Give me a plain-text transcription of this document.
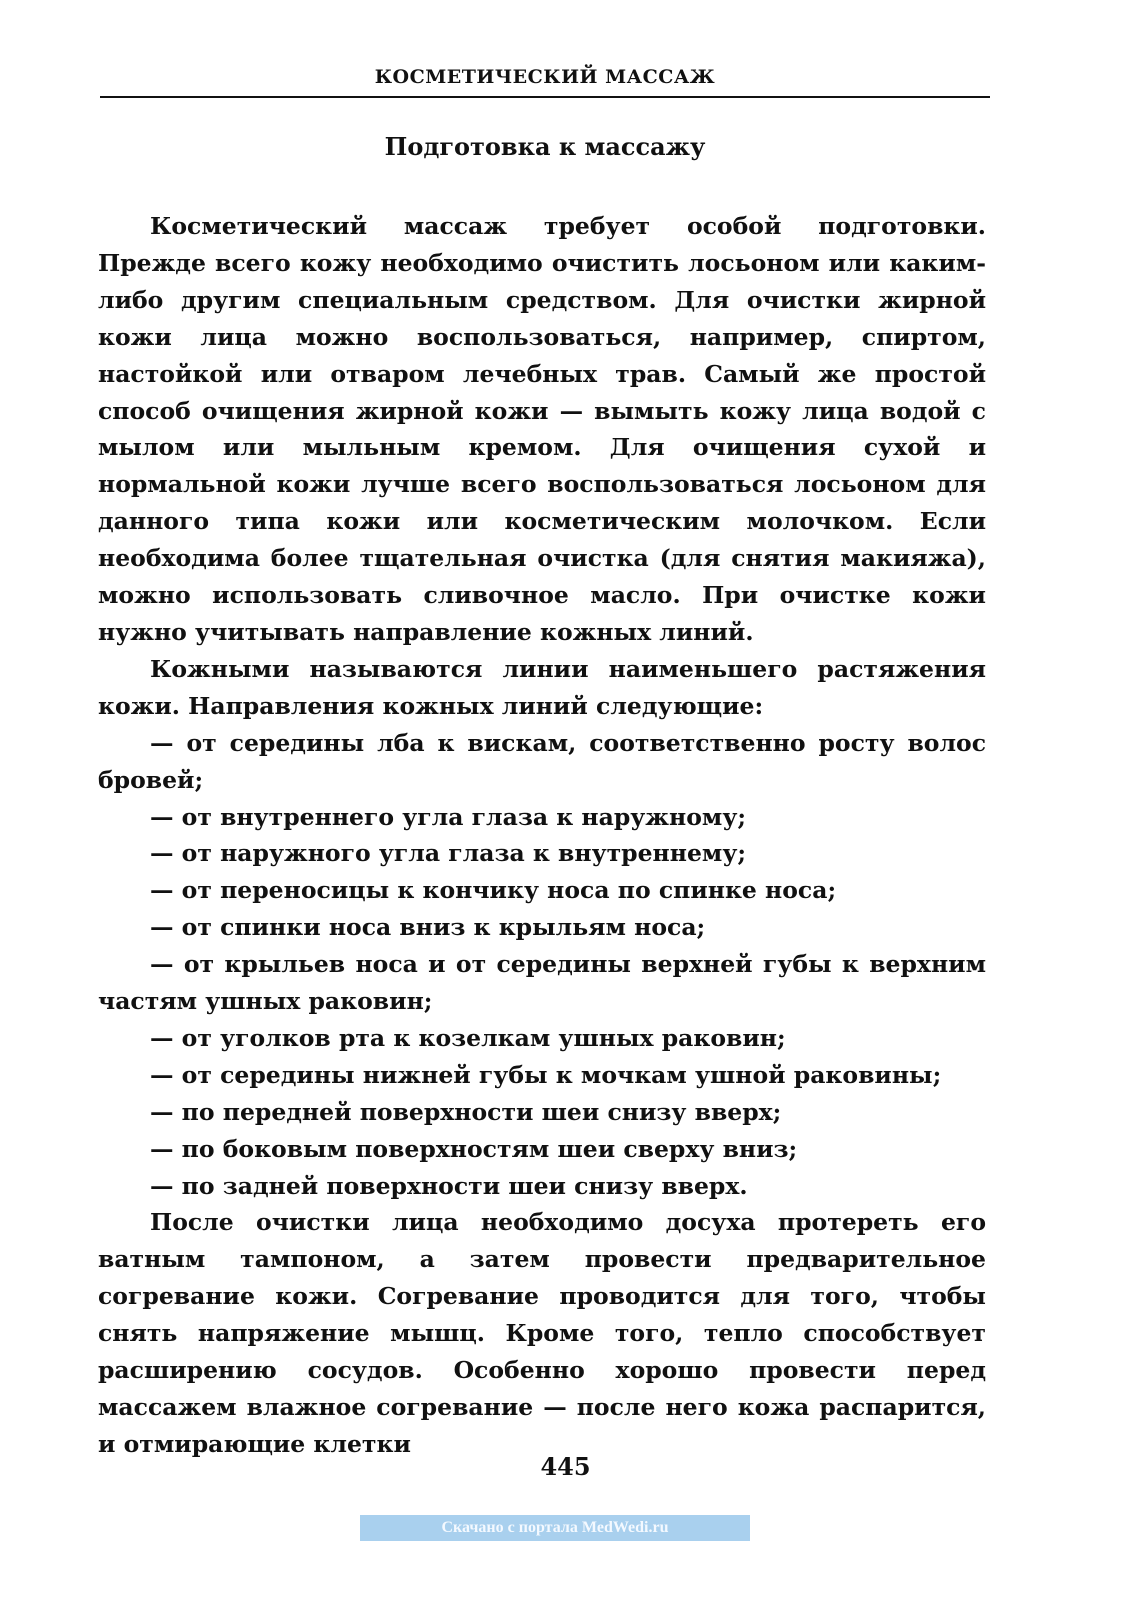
КОСМЕТИЧЕСКИЙ МАССАЖ
Подготовка к массажу

Косметический массаж требует особой подготовки. Прежде всего кожу необходимо очистить лосьоном или каким-либо другим специальным средством. Для очистки жирной кожи лица можно воспользоваться, например, спиртом, настойкой или отваром лечебных трав. Самый же простой способ очищения жирной кожи — вымыть кожу лица водой с мылом или мыльным кремом. Для очищения сухой и нормальной кожи лучше всего воспользоваться лосьоном для данного типа кожи или косметическим молочком. Если необходима более тщательная очистка (для снятия макияжа), можно использовать сливочное масло. При очистке кожи нужно учитывать направление кожных линий.

Кожными называются линии наименьшего растяжения кожи. Направления кожных линий следующие:

— от середины лба к вискам, соответственно росту волос бровей;

— от внутреннего угла глаза к наружному;

— от наружного угла глаза к внутреннему;

— от переносицы к кончику носа по спинке носа;

— от спинки носа вниз к крыльям носа;

— от крыльев носа и от середины верхней губы к верхним частям ушных раковин;

— от уголков рта к козелкам ушных раковин;

— от середины нижней губы к мочкам ушной раковины;

— по передней поверхности шеи снизу вверх;

— по боковым поверхностям шеи сверху вниз;

— по задней поверхности шеи снизу вверх.

После очистки лица необходимо досуха протереть его ватным тампоном, а затем провести предварительное согревание кожи. Согревание проводится для того, чтобы снять напряжение мышц. Кроме того, тепло способствует расширению сосудов. Особенно хорошо провести перед массажем влажное согревание — после него кожа распарится, и отмирающие клетки

445
Скачано с портала MedWedi.ru
